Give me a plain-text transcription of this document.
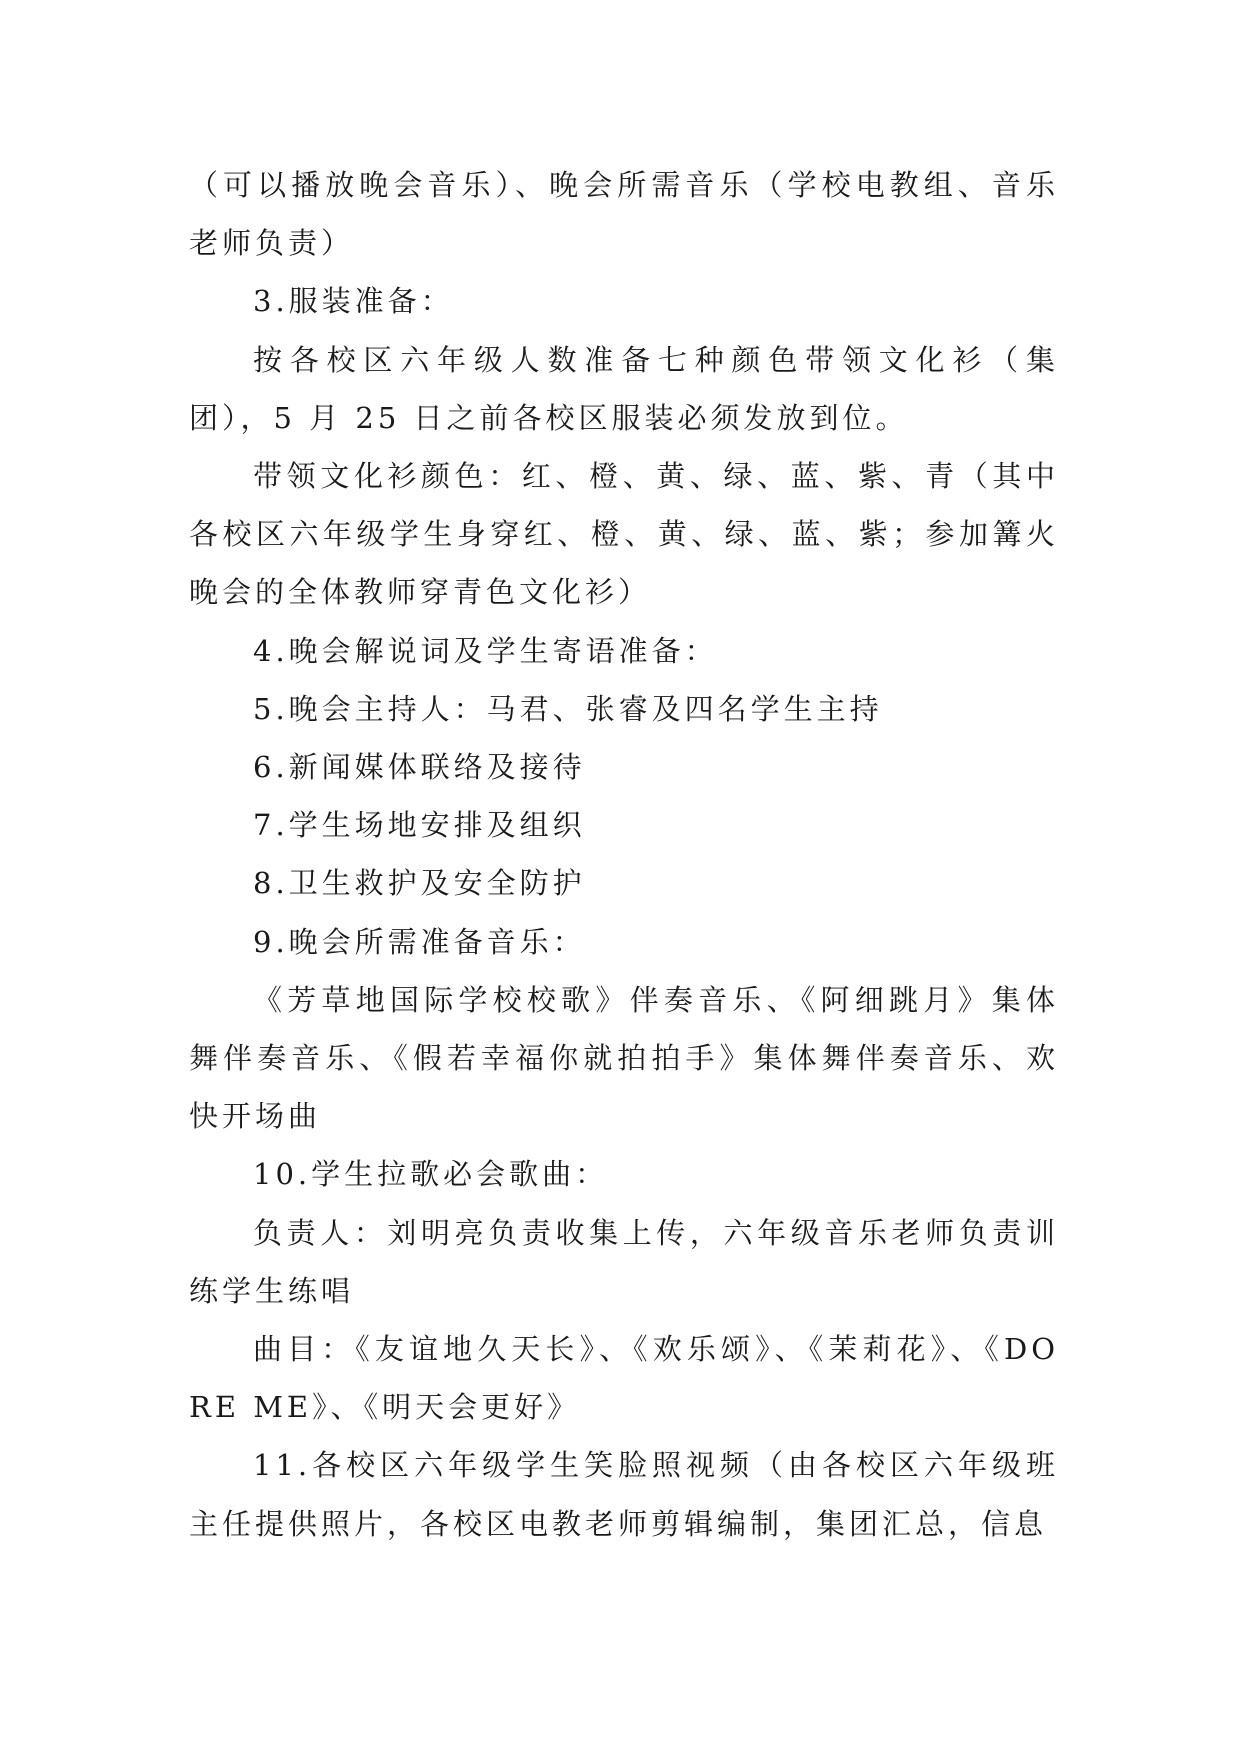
（可以播放晚会音乐）、晚会所需音乐（学校电教组、音乐老师负责）

3.服装准备：

按各校区六年级人数准备七种颜色带领文化衫（集团），5 月 25 日之前各校区服装必须发放到位。

带领文化衫颜色：红、橙、黄、绿、蓝、紫、青（其中各校区六年级学生身穿红、橙、黄、绿、蓝、紫；参加篝火晚会的全体教师穿青色文化衫）

4.晚会解说词及学生寄语准备：

5.晚会主持人：马君、张睿及四名学生主持

6.新闻媒体联络及接待

7.学生场地安排及组织

8.卫生救护及安全防护

9.晚会所需准备音乐：

《芳草地国际学校校歌》伴奏音乐、《阿细跳月》集体舞伴奏音乐、《假若幸福你就拍拍手》集体舞伴奏音乐、欢快开场曲

10.学生拉歌必会歌曲：

负责人：刘明亮负责收集上传，六年级音乐老师负责训练学生练唱

曲目：《友谊地久天长》、《欢乐颂》、《茉莉花》、《DO RE ME》、《明天会更好》

11.各校区六年级学生笑脸照视频（由各校区六年级班主任提供照片，各校区电教老师剪辑编制，集团汇总，信息
